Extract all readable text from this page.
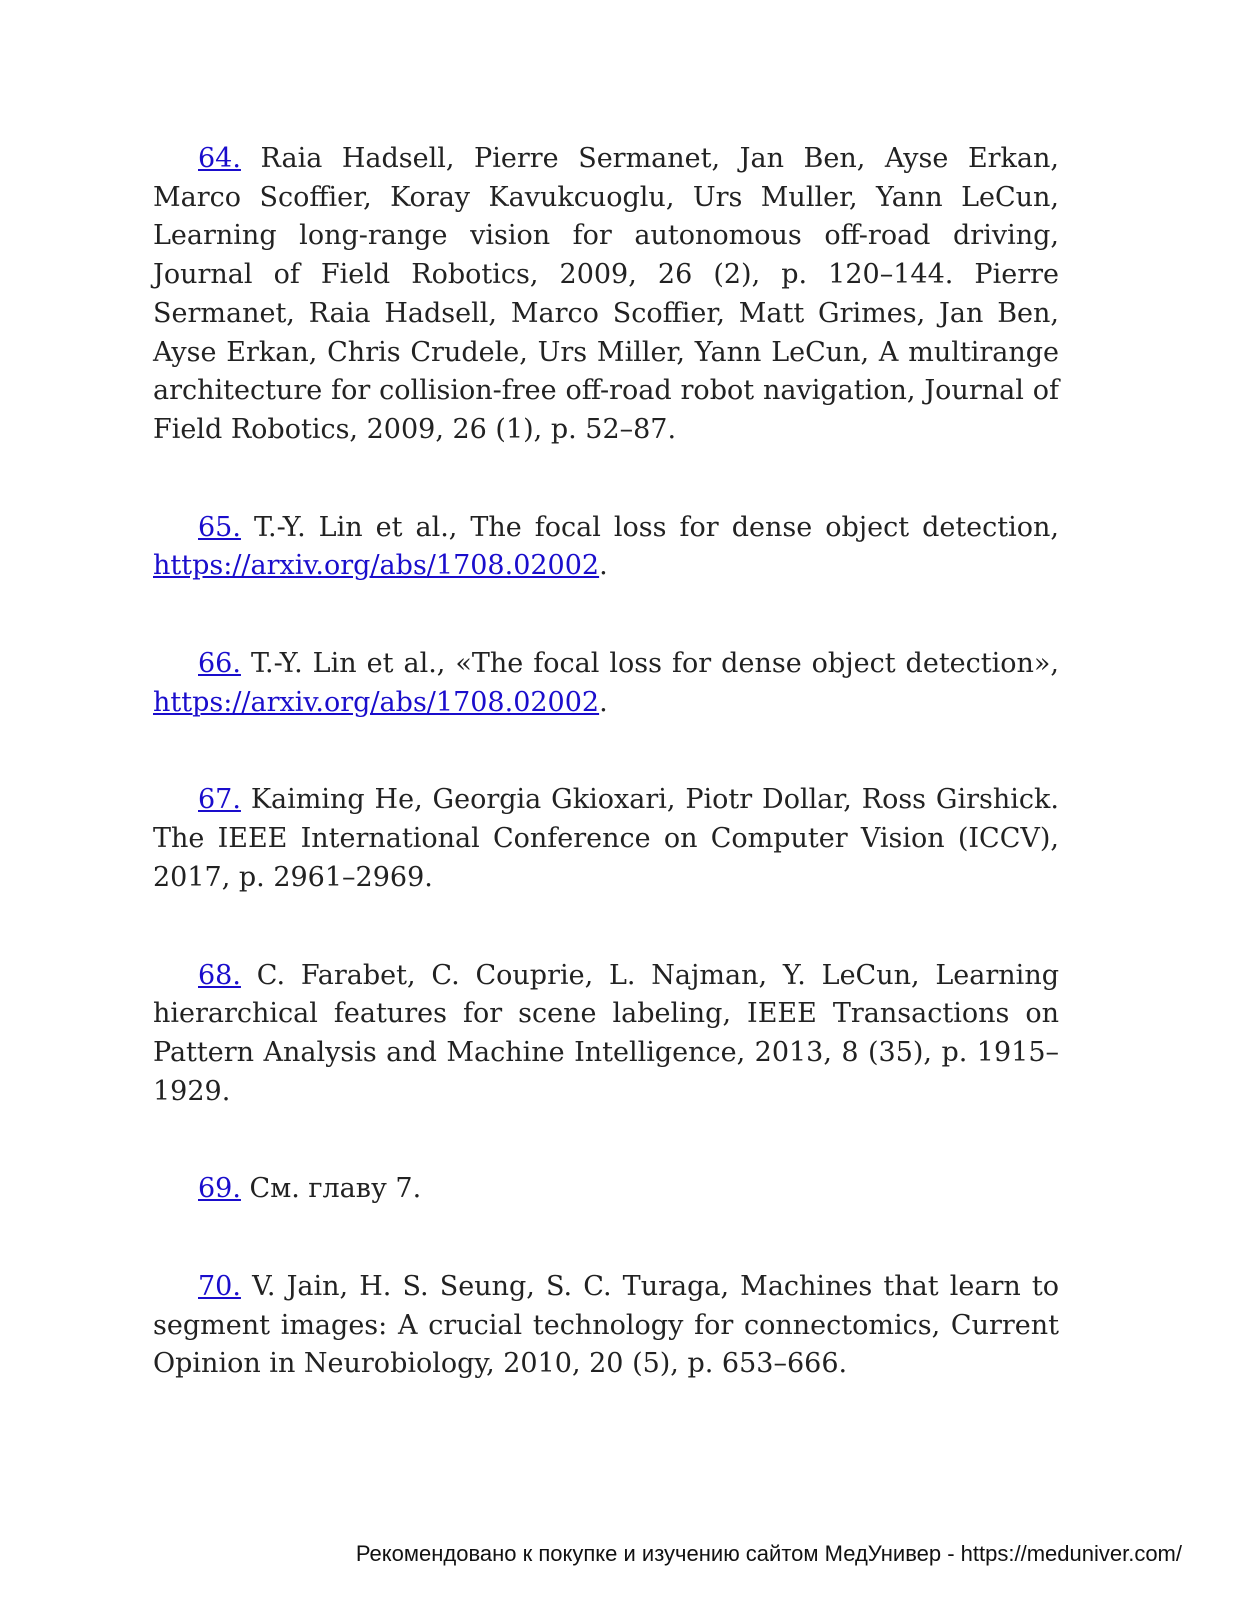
64. Raia Hadsell, Pierre Sermanet, Jan Ben, Ayse Erkan, Marco Scoffier, Koray Kavukcuoglu, Urs Muller, Yann LeCun, Learning long-range vision for autonomous off-road driving, Journal of Field Robotics, 2009, 26 (2), p. 120–144. Pierre Sermanet, Raia Hadsell, Marco Scoffier, Matt Grimes, Jan Ben, Ayse Erkan, Chris Crudele, Urs Miller, Yann LeCun, A multirange architecture for collision-free off-road robot navigation, Journal of Field Robotics, 2009, 26 (1), p. 52–87.

65. T.-Y. Lin et al., The focal loss for dense object detection, https://arxiv.org/abs/1708.02002.

66. T.-Y. Lin et al., «The focal loss for dense object detection», https://arxiv.org/abs/1708.02002.

67. Kaiming He, Georgia Gkioxari, Piotr Dollar, Ross Girshick. The IEEE International Conference on Computer Vision (ICCV), 2017, p. 2961–2969.

68. C. Farabet, C. Couprie, L. Najman, Y. LeCun, Learning hierarchical features for scene labeling, IEEE Transactions on Pattern Analysis and Machine Intelligence, 2013, 8 (35), p. 1915–1929.

69. См. главу 7.

70. V. Jain, H. S. Seung, S. C. Turaga, Machines that learn to segment images: A crucial technology for connectomics, Current Opinion in Neurobiology, 2010, 20 (5), p. 653–666.

Рекомендовано к покупке и изучению сайтом МедУнивер - https://meduniver.com/
